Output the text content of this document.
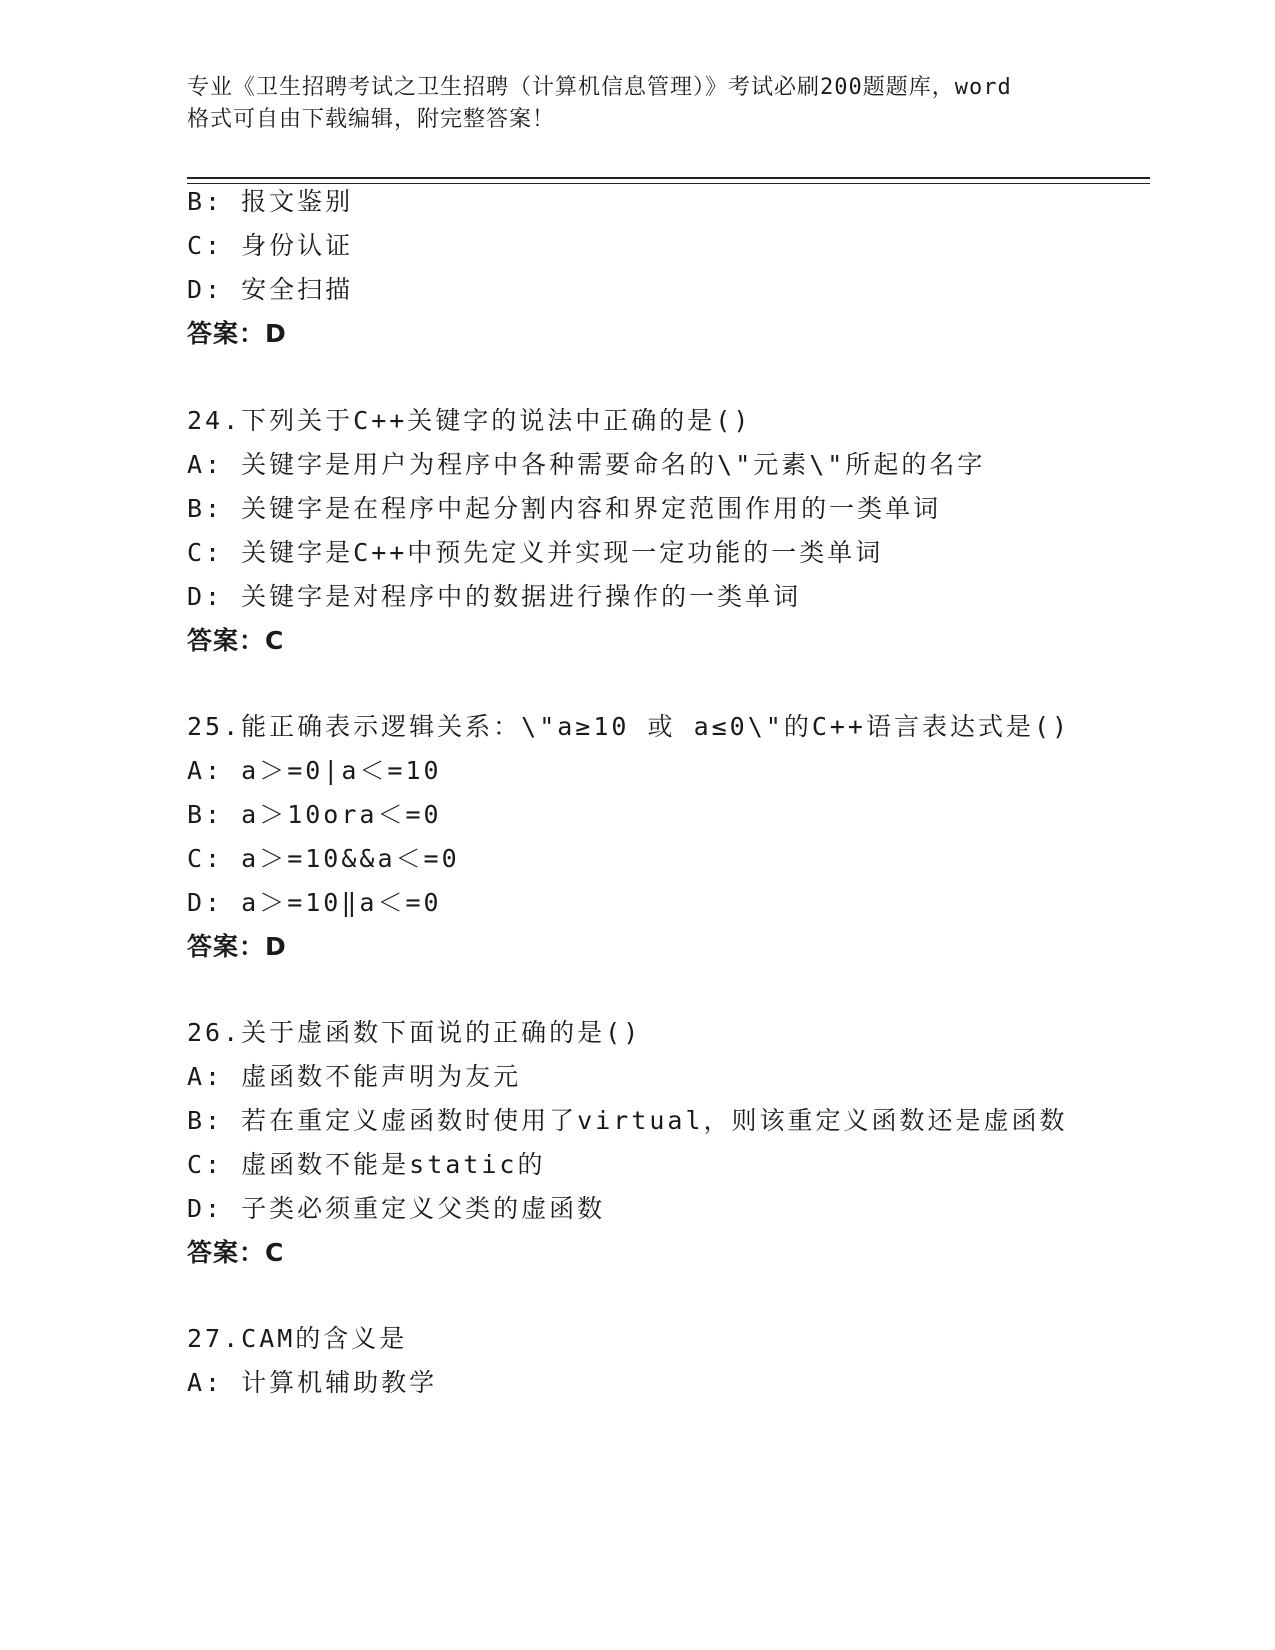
专业《卫生招聘考试之卫生招聘（计算机信息管理）》考试必刷200题题库，word
格式可自由下载编辑，附完整答案！
B: 报文鉴别
C: 身份认证
D: 安全扫描
答案：D
24.下列关于C++关键字的说法中正确的是()
A: 关键字是用户为程序中各种需要命名的\"元素\"所起的名字
B: 关键字是在程序中起分割内容和界定范围作用的一类单词
C: 关键字是C++中预先定义并实现一定功能的一类单词
D: 关键字是对程序中的数据进行操作的一类单词
答案：C
25.能正确表示逻辑关系：\"a≥10 或 a≤0\"的C++语言表达式是()
A: a＞=0|a＜=10
B: a＞10ora＜=0
C: a＞=10&&a＜=0
D: a＞=10‖a＜=0
答案：D
26.关于虚函数下面说的正确的是()
A: 虚函数不能声明为友元
B: 若在重定义虚函数时使用了virtual，则该重定义函数还是虚函数
C: 虚函数不能是static的
D: 子类必须重定义父类的虚函数
答案：C
27.CAM的含义是
A: 计算机辅助教学
